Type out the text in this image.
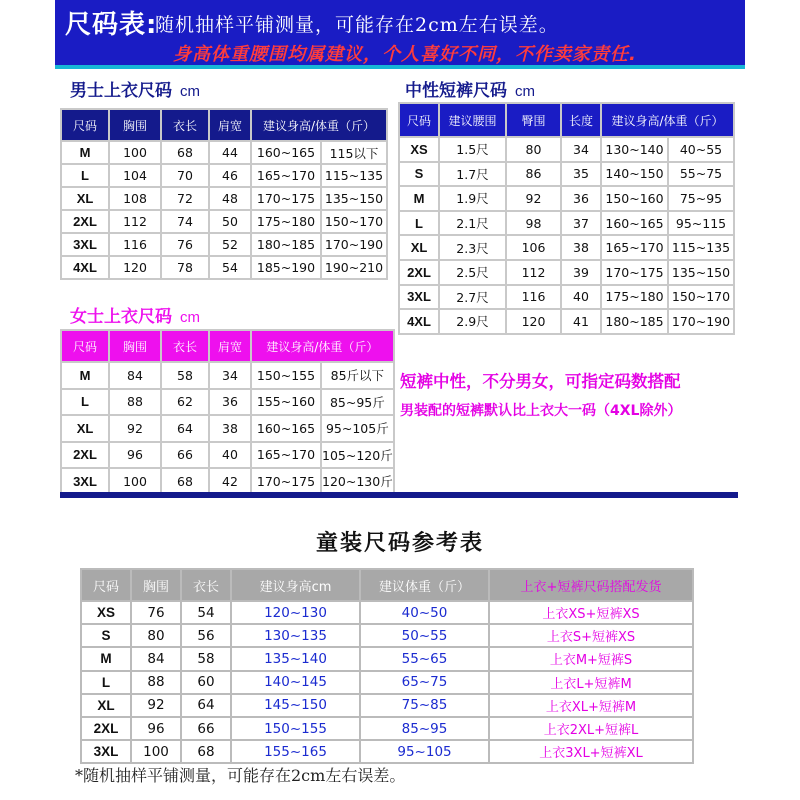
尺码表:
随机抽样平铺测量，可能存在2cm左右误差。
身高体重腰围均属建议，个人喜好不同，不作卖家责任.
男士上衣尺码 cm
尺码	胸围	衣长	肩宽	建议身高/体重（斤）	
M	100	68	44	160~165	115以下
L	104	70	46	165~170	115~135
XL	108	72	48	170~175	135~150
2XL	112	74	50	175~180	150~170
3XL	116	76	52	180~185	170~190
4XL	120	78	54	185~190	190~210
中性短裤尺码 cm
尺码	建议腰围	臀围	长度	建议身高/体重（斤）	
XS	1.5尺	80	34	130~140	40~55
S	1.7尺	86	35	140~150	55~75
M	1.9尺	92	36	150~160	75~95
L	2.1尺	98	37	160~165	95~115
XL	2.3尺	106	38	165~170	115~135
2XL	2.5尺	112	39	170~175	135~150
3XL	2.7尺	116	40	175~180	150~170
4XL	2.9尺	120	41	180~185	170~190
女士上衣尺码 cm
尺码	胸围	衣长	肩宽	建议身高/体重（斤）	
M	84	58	34	150~155	85斤以下
L	88	62	36	155~160	85~95斤
XL	92	64	38	160~165	95~105斤
2XL	96	66	40	165~170	105~120斤
3XL	100	68	42	170~175	120~130斤
短裤中性，不分男女，可指定码数搭配
男装配的短裤默认比上衣大一码（4XL除外）
童装尺码参考表
尺码	胸围	衣长	建议身高cm	建议体重（斤）	上衣+短裤尺码搭配发货
XS	76	54	120~130	40~50	上衣XS+短裤XS
S	80	56	130~135	50~55	上衣S+短裤XS
M	84	58	135~140	55~65	上衣M+短裤S
L	88	60	140~145	65~75	上衣L+短裤M
XL	92	64	145~150	75~85	上衣XL+短裤M
2XL	96	66	150~155	85~95	上衣2XL+短裤L
3XL	100	68	155~165	95~105	上衣3XL+短裤XL
*随机抽样平铺测量，可能存在2cm左右误差。
